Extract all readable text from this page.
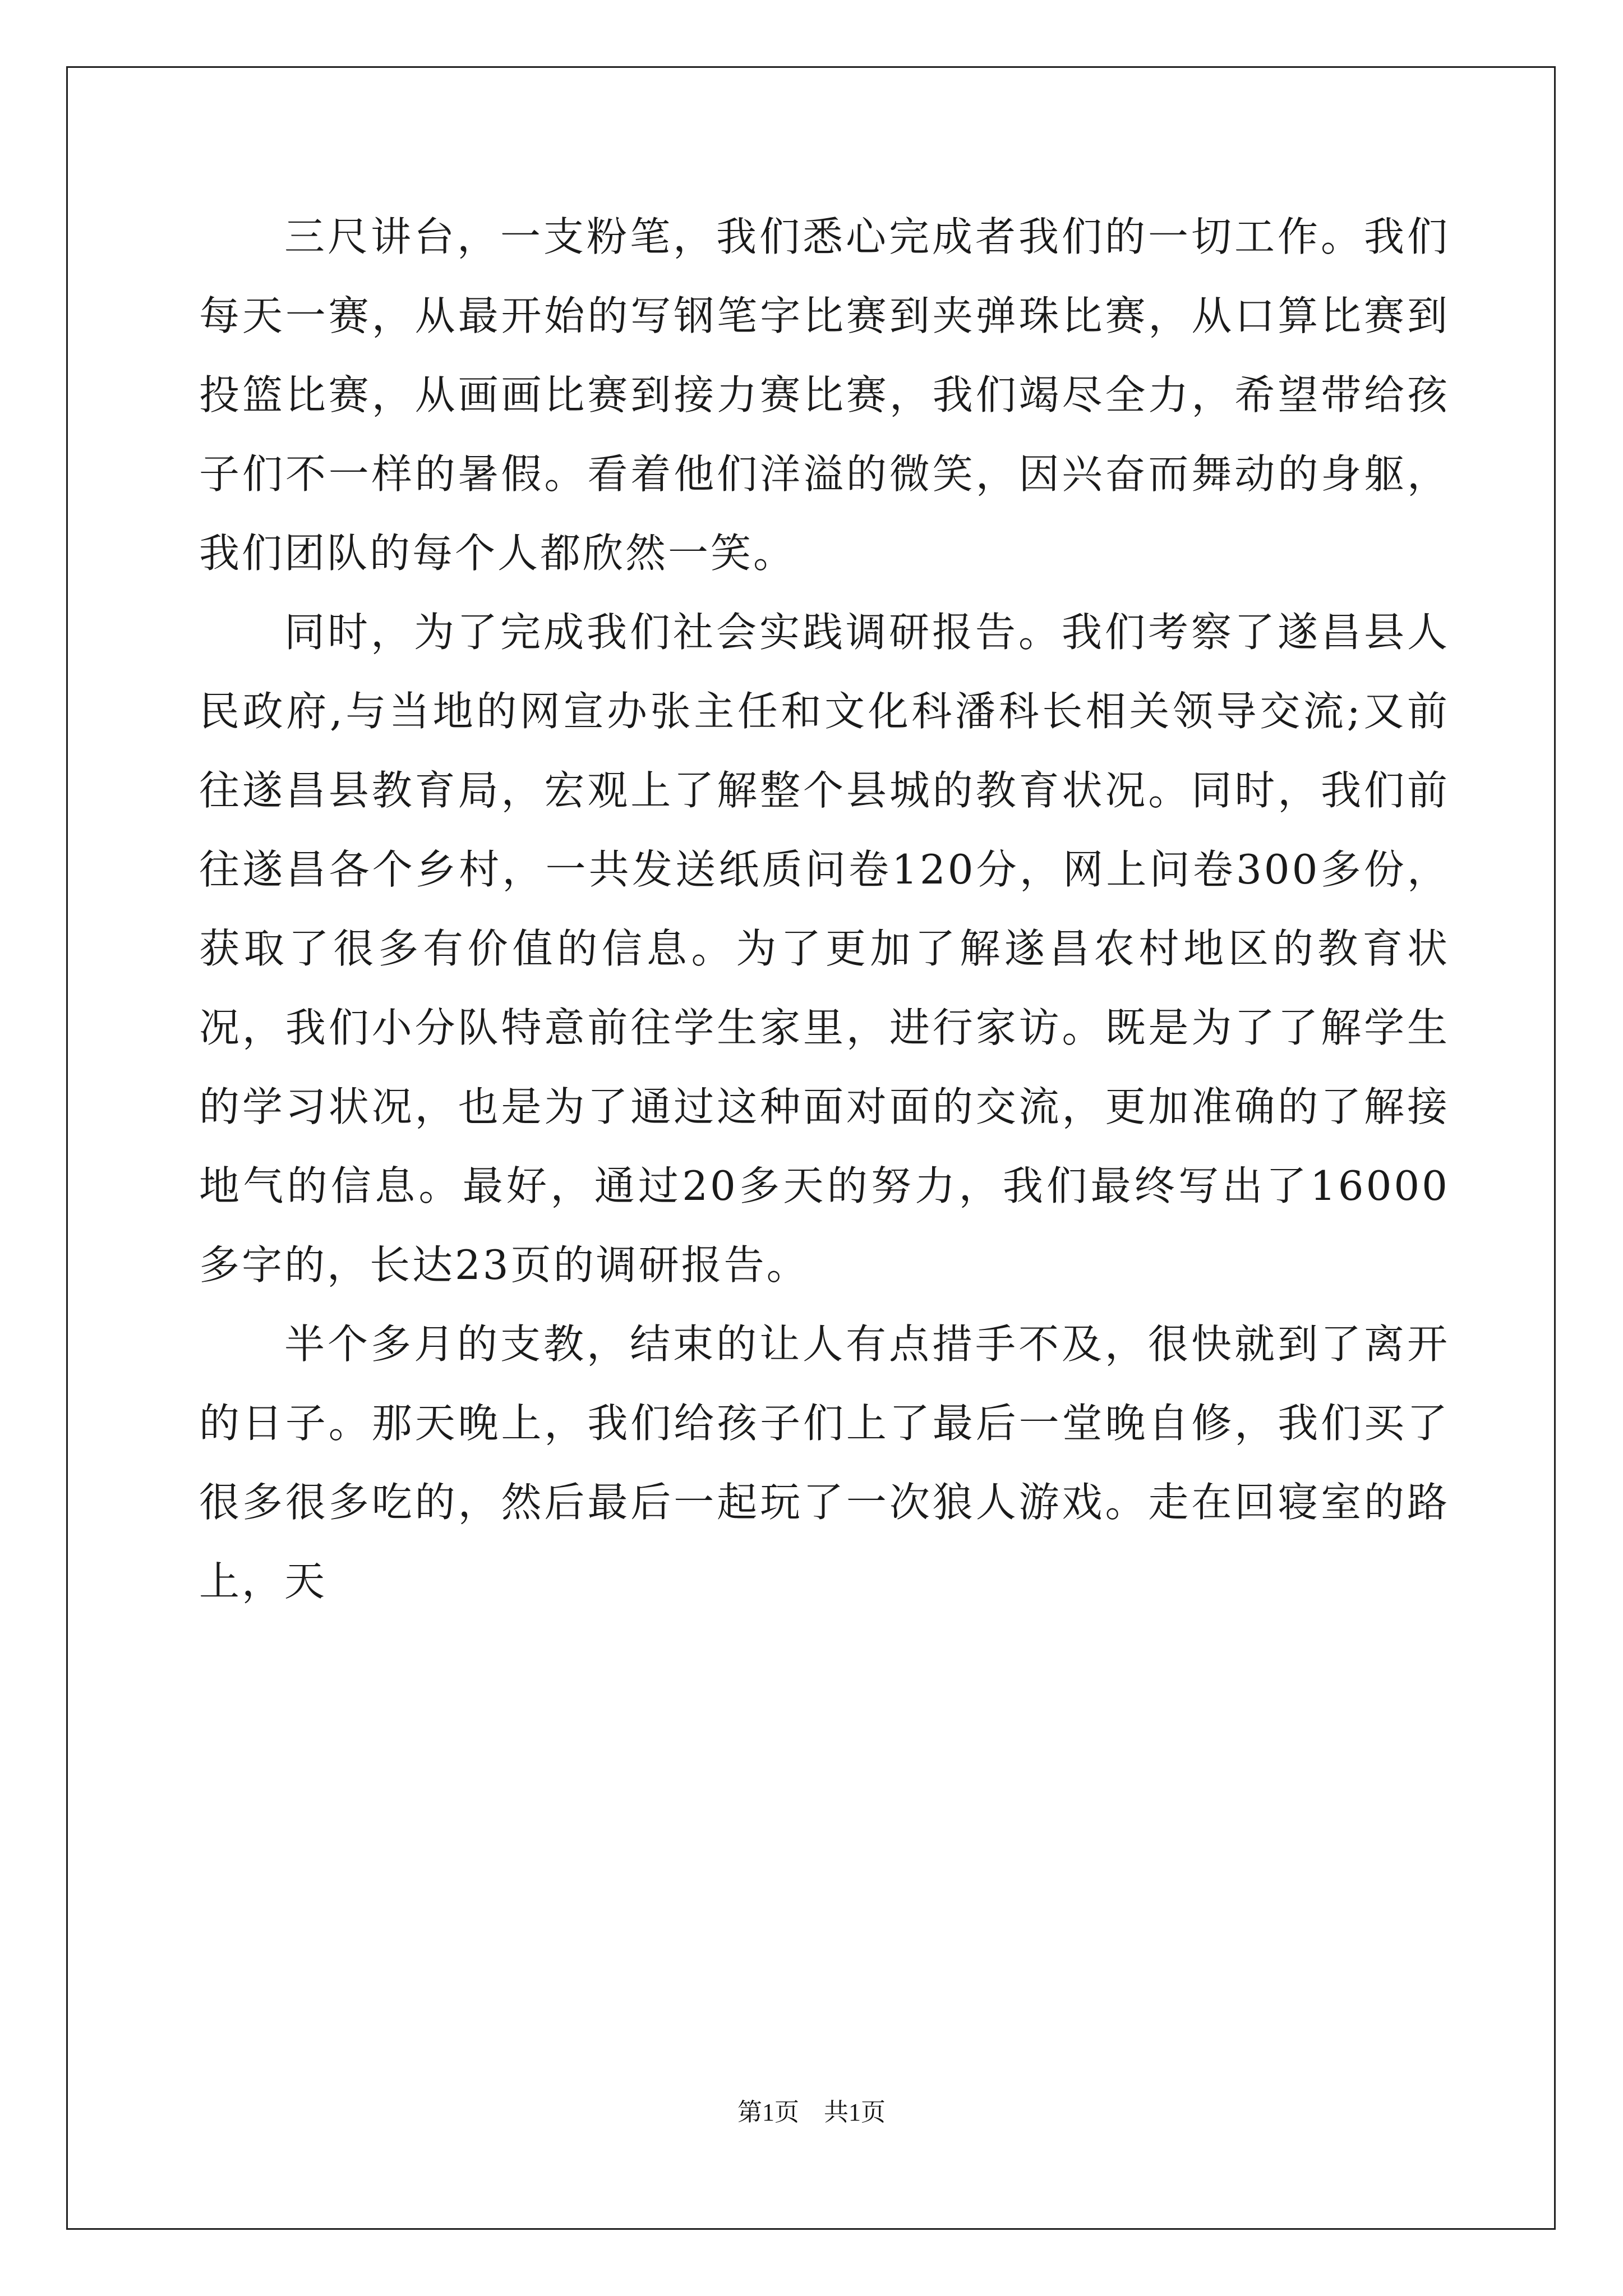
三尺讲台，一支粉笔，我们悉心完成者我们的一切工作。我们每天一赛，从最开始的写钢笔字比赛到夹弹珠比赛，从口算比赛到投篮比赛，从画画比赛到接力赛比赛，我们竭尽全力，希望带给孩子们不一样的暑假。看着他们洋溢的微笑，因兴奋而舞动的身躯，我们团队的每个人都欣然一笑。

同时，为了完成我们社会实践调研报告。我们考察了遂昌县人民政府,与当地的网宣办张主任和文化科潘科长相关领导交流;又前往遂昌县教育局，宏观上了解整个县城的教育状况。同时，我们前往遂昌各个乡村，一共发送纸质问卷120分，网上问卷300多份，获取了很多有价值的信息。为了更加了解遂昌农村地区的教育状况，我们小分队特意前往学生家里，进行家访。既是为了了解学生的学习状况，也是为了通过这种面对面的交流，更加准确的了解接地气的信息。最好，通过20多天的努力，我们最终写出了16000多字的，长达23页的调研报告。

半个多月的支教，结束的让人有点措手不及，很快就到了离开的日子。那天晚上，我们给孩子们上了最后一堂晚自修，我们买了很多很多吃的，然后最后一起玩了一次狼人游戏。走在回寝室的路上，天

第1页 共1页
